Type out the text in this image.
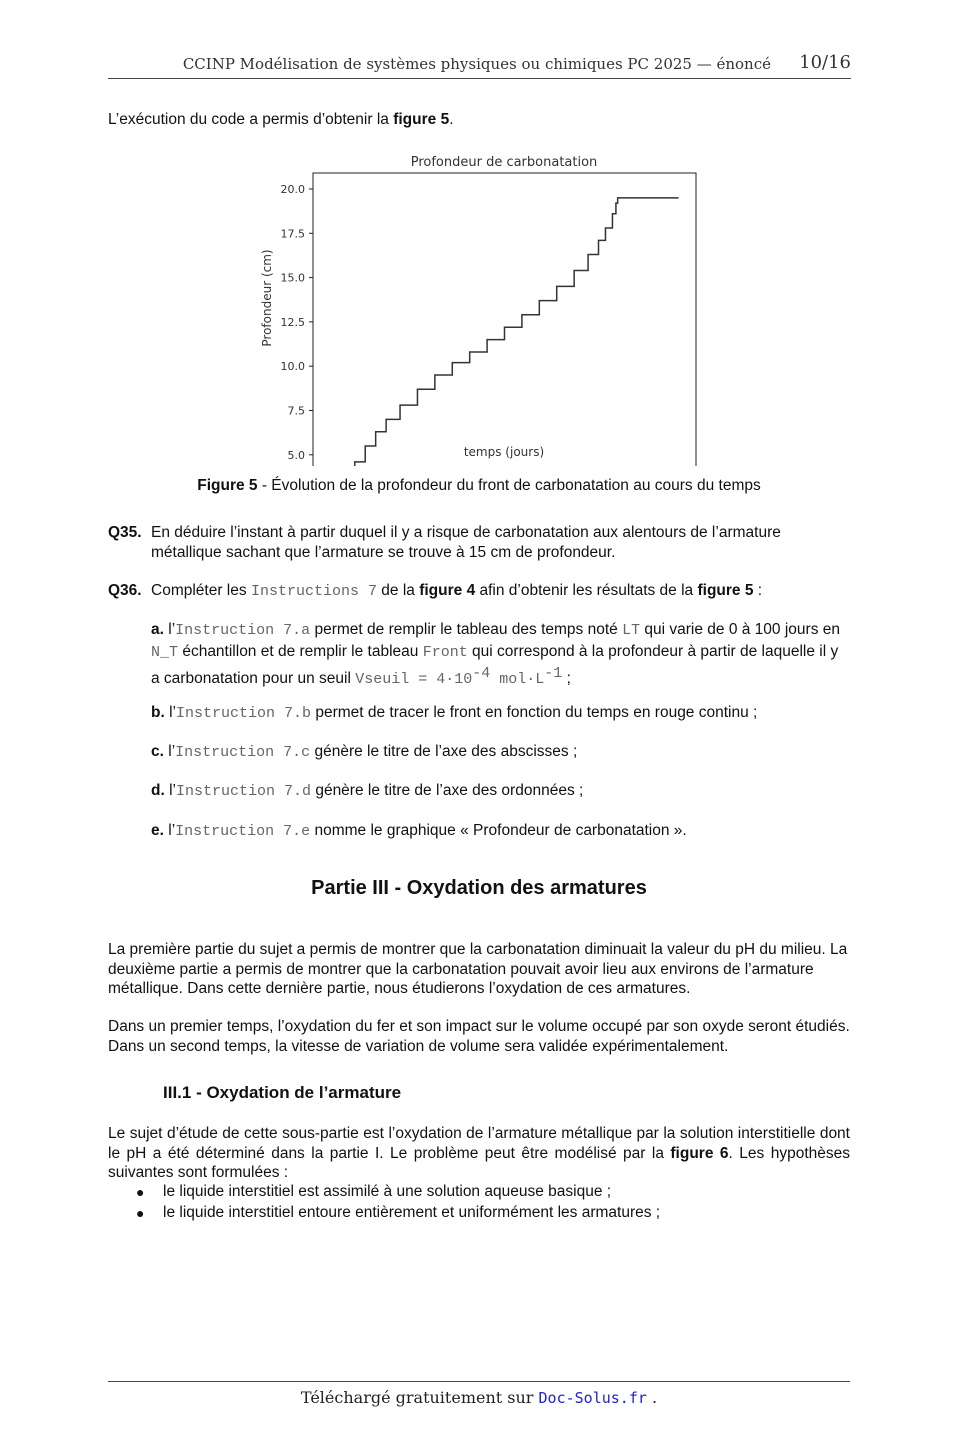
CCINP Modélisation de systèmes physiques ou chimiques PC 2025 — énoncé 10/16
L’exécution du code a permis d’obtenir la figure 5.
Profondeur de carbonatation
5.0
7.5
10.0
12.5
15.0
17.5
20.0
temps (jours)
Profondeur (cm)
Figure 5 - Évolution de la profondeur du front de carbonatation au cours du temps
Q35. En déduire l’instant à partir duquel il y a risque de carbonatation aux alentours de l’armature métallique sachant que l’armature se trouve à 15 cm de profondeur.
Q36. Compléter les Instructions 7 de la figure 4 afin d’obtenir les résultats de la figure 5 :
a. l’Instruction 7.a permet de remplir le tableau des temps noté LT qui varie de 0 à 100 jours en N_T échantillon et de remplir le tableau Front qui correspond à la profondeur à partir de laquelle il y a carbonatation pour un seuil Vseuil = $4\cdot 10^{-4}$ $mol\cdot L^{-1}$ ;
b. l’Instruction 7.b permet de tracer le front en fonction du temps en rouge continu ;
c. l’Instruction 7.c génère le titre de l’axe des abscisses ;
d. l’Instruction 7.d génère le titre de l’axe des ordonnées ;
e. l’Instruction 7.e nomme le graphique « Profondeur de carbonatation ».
Partie III - Oxydation des armatures
La première partie du sujet a permis de montrer que la carbonatation diminuait la valeur du pH du milieu. La deuxième partie a permis de montrer que la carbonatation pouvait avoir lieu aux environs de l’armature métallique. Dans cette dernière partie, nous étudierons l’oxydation de ces armatures.
Dans un premier temps, l’oxydation du fer et son impact sur le volume occupé par son oxyde seront étudiés. Dans un second temps, la vitesse de variation de volume sera validée expérimentalement.
III.1 - Oxydation de l’armature
Le sujet d’étude de cette sous-partie est l’oxydation de l’armature métallique par la solution interstitielle dont le pH a été déterminé dans la partie I. Le problème peut être modélisé par la figure 6. Les hypothèses suivantes sont formulées :
● le liquide interstitiel est assimilé à une solution aqueuse basique ;
● le liquide interstitiel entoure entièrement et uniformément les armatures ;
Téléchargé gratuitement sur Doc-Solus.fr .
